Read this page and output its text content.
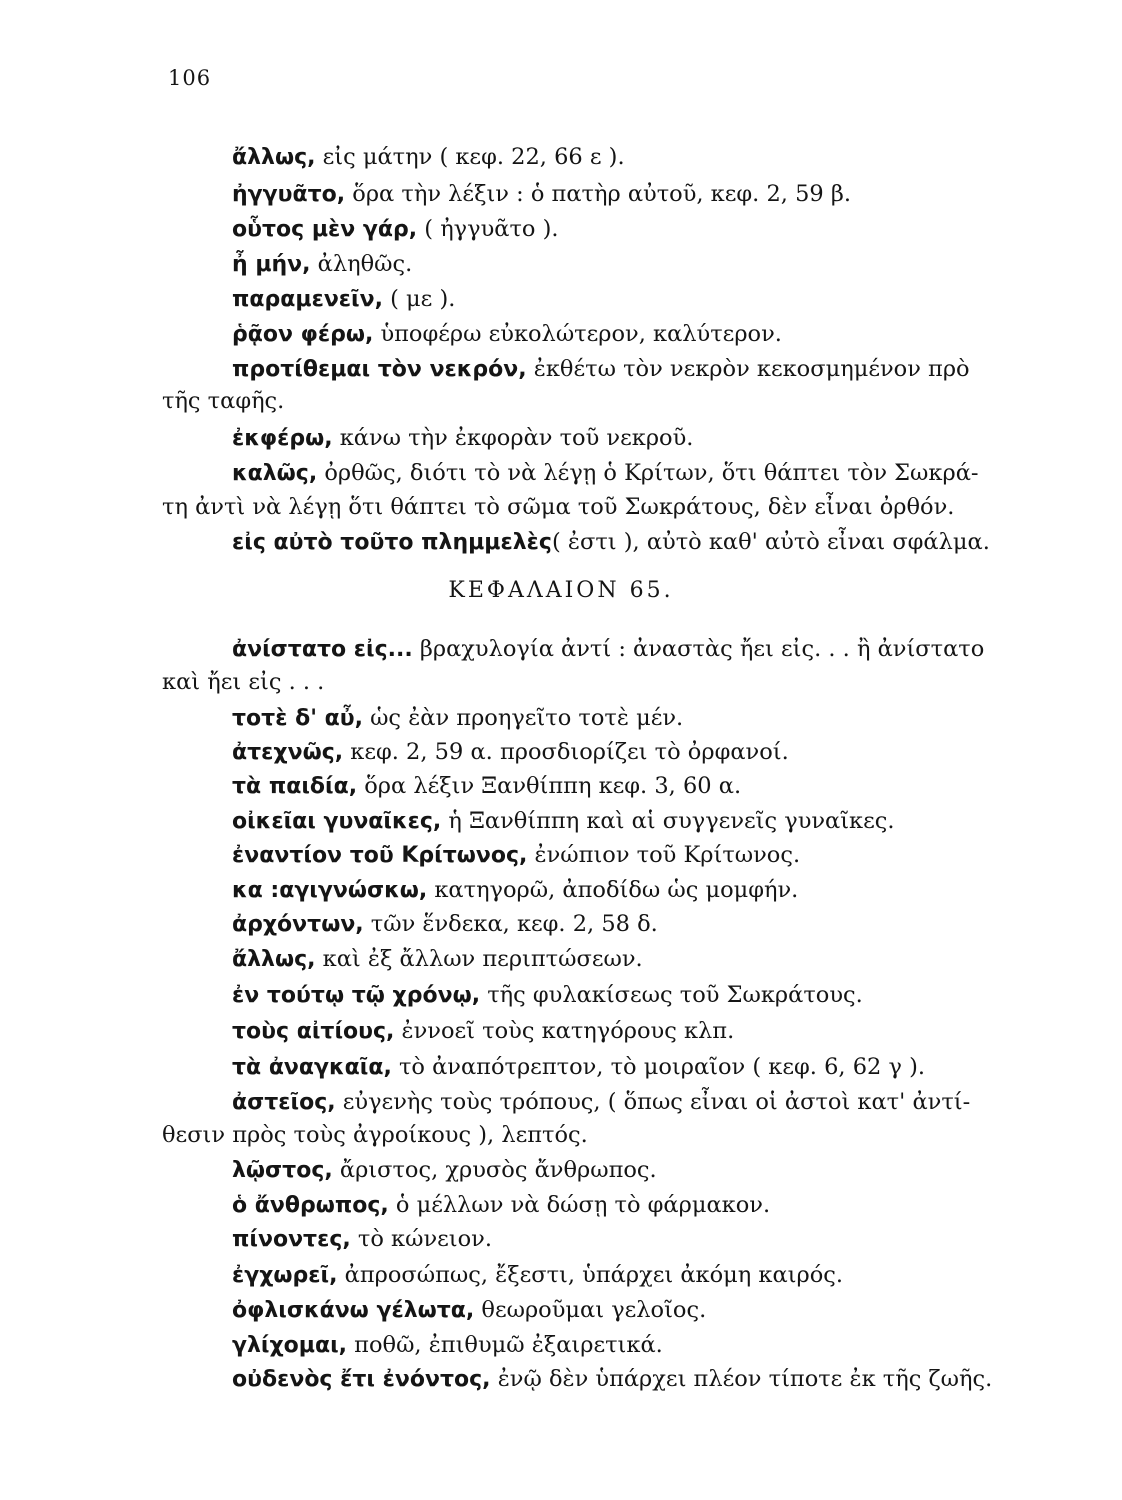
106
ἄλλως, εἰς μάτην ( κεφ. 22, 66 ε ).
ἠγγυᾶτο, ὅρα τὴν λέξιν : ὁ πατὴρ αὐτοῦ, κεφ. 2, 59 β.
οὗτος μὲν γάρ, ( ἠγγυᾶτο ).
ἦ μήν, ἀληθῶς.
παραμενεῖν, ( με ).
ῥᾷον φέρω, ὑποφέρω εὐκολώτερον, καλύτερον.
προτίθεμαι τὸν νεκρόν, ἐκθέτω τὸν νεκρὸν κεκοσμημένον πρὸ
τῆς ταφῆς.
ἐκφέρω, κάνω τὴν ἐκφορὰν τοῦ νεκροῦ.
καλῶς, ὀρθῶς, διότι τὸ νὰ λέγῃ ὁ Κρίτων, ὅτι θάπτει τὸν Σωκρά-
τη ἀντὶ νὰ λέγῃ ὅτι θάπτει τὸ σῶμα τοῦ Σωκράτους, δὲν εἶναι ὀρθόν.
εἰς αὐτὸ τοῦτο πλημμελὲς( ἐστι ), αὐτὸ καθ' αὐτὸ εἶναι σφάλμα.
ΚΕΦΑΛΑΙΟΝ 65.
ἀνίστατο εἰς... βραχυλογία ἀντί : ἀναστὰς ἤει εἰς. . . ἢ ἀνίστατο
καὶ ἤει εἰς . . .
τοτὲ δ' αὖ, ὡς ἐὰν προηγεῖτο τοτὲ μέν.
ἀτεχνῶς, κεφ. 2, 59 α. προσδιορίζει τὸ ὀρφανοί.
τὰ παιδία, ὅρα λέξιν Ξανθίππη κεφ. 3, 60 α.
οἰκεῖαι γυναῖκες, ἡ Ξανθίππη καὶ αἱ συγγενεῖς γυναῖκες.
ἐναντίον τοῦ Κρίτωνος, ἐνώπιον τοῦ Κρίτωνος.
κα :αγιγνώσκω, κατηγορῶ, ἀποδίδω ὡς μομφήν.
ἀρχόντων, τῶν ἕνδεκα, κεφ. 2, 58 δ.
ἄλλως, καὶ ἐξ ἄλλων περιπτώσεων.
ἐν τούτῳ τῷ χρόνῳ, τῆς φυλακίσεως τοῦ Σωκράτους.
τοὺς αἰτίους, ἐννοεῖ τοὺς κατηγόρους κλπ.
τὰ ἀναγκαῖα, τὸ ἀναπότρεπτον, τὸ μοιραῖον ( κεφ. 6, 62 γ ).
ἀστεῖος, εὐγενὴς τοὺς τρόπους, ( ὅπως εἶναι οἱ ἀστοὶ κατ' ἀντί-
θεσιν πρὸς τοὺς ἀγροίκους ), λεπτός.
λῷστος, ἄριστος, χρυσὸς ἄνθρωπος.
ὁ ἄνθρωπος, ὁ μέλλων νὰ δώσῃ τὸ φάρμακον.
πίνοντες, τὸ κώνειον.
ἐγχωρεῖ, ἀπροσώπως, ἔξεστι, ὑπάρχει ἀκόμη καιρός.
ὀφλισκάνω γέλωτα, θεωροῦμαι γελοῖος.
γλίχομαι, ποθῶ, ἐπιθυμῶ ἐξαιρετικά.
οὐδενὸς ἔτι ἐνόντος, ἐνῷ δὲν ὑπάρχει πλέον τίποτε ἐκ τῆς ζωῆς.
